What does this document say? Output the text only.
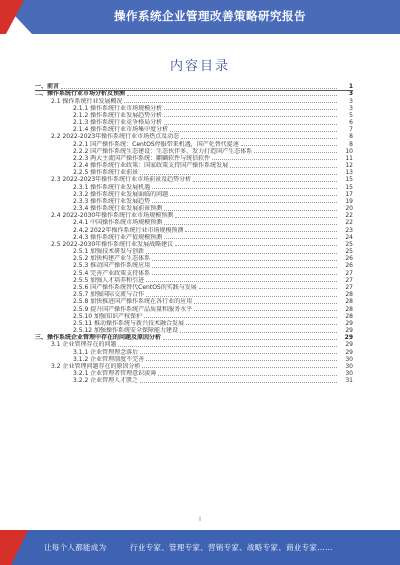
操作系统企业管理改善策略研究报告
内容目录
一、前言	1
二、操作系统行业市场分析及预测	3
2.1 操作系统行业发展概况	3
2.1.1 操作系统行业市场规模分析	3
2.1.2 操作系统行业发展趋势分析	5
2.1.3 操作系统行业竞争格局分析	6
2.1.4 操作系统行业市场集中度分析	7
2.2 2022-2023年操作系统行业市场热点及动态	8
2.2.1 国产操作系统：CentOS停服带来机遇，国产化替代提速	8
2.2.2 国产操作系统生态建设：生态伙伴多，发力打造国产生态体系	10
2.2.3 两大主流国产操作系统：麒麟软件与统信软件	11
2.2.4 操作系统行业政策：国家政策支持国产操作系统发展	12
2.2.5 操作系统行业前景	13
2.3 2022-2023年操作系统行业市场前景及趋势分析	15
2.3.1 操作系统行业发展机遇	15
2.3.2 操作系统行业发展面临的问题	17
2.3.3 操作系统行业发展趋势	19
2.3.4 操作系统行业发展前景预测	20
2.4 2022-2030年操作系统行业市场规模预测	22
2.4.1 中国操作系统市场规模预测	22
2.4.2 2022年操作系统行业市场规模预测	23
2.4.3 操作系统行业产值规模预测	24
2.5 2022-2030年操作系统行业发展战略建议	25
2.5.1 加强技术研发与创新	25
2.5.2 加快构建产业生态体系	26
2.5.3 推动国产操作系统应用	26
2.5.4 完善产业政策支持体系	27
2.5.5 加强人才培养和引进	27
2.5.6 国产操作系统替代CentOS的实践与发展	27
2.5.7 加强国际交流与合作	28
2.5.8 加快推进国产操作系统在各行业的应用	28
2.5.9 提升国产操作系统产品质量和服务水平	28
2.5.10 加强知识产权保护	28
2.5.11 推动操作系统与新兴技术融合发展	29
2.5.12 加强操作系统安全保障能力建设	29
三、操作系统企业管理中存在的问题及原因分析	29
3.1 企业管理存在的问题	29
3.1.1 企业管理理念落后	29
3.1.2 企业管理制度不完善	30
3.2 企业管理问题存在的原因分析	30
3.2.1 企业管理者管理意识淡薄	30
3.2.2 企业管理人才匮乏	31
I
让每个人都能成为	行业专家、管理专家、营销专家、战略专家、商业专家……
